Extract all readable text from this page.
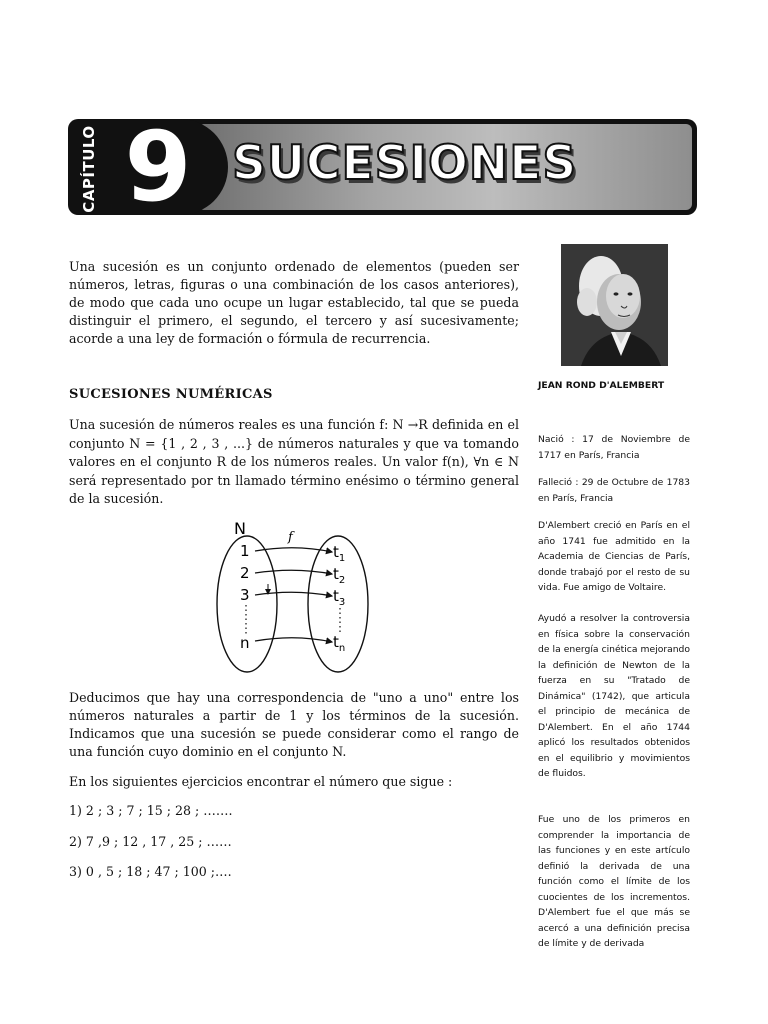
CAPÍTULO 9 SUCESIONES

Una sucesión es un conjunto ordenado de elementos (pueden ser números, letras, figuras o una combinación de los casos anteriores), de modo que cada uno ocupe un lugar establecido, tal que se pueda distinguir el primero, el segundo, el tercero y así sucesivamente; acorde a una ley de formación o fórmula de recurrencia.

SUCESIONES NUMÉRICAS

Una sucesión de números reales es una función f: N →R definida en el conjunto N = {1 , 2 , 3 , ...} de números naturales y que va tomando valores en el conjunto R de los números reales. Un valor f(n), ∀n ∈ N será representado por tn llamado término enésimo o término general de la sucesión.

N	f
1
2
3
n
$t_1$
$t_2$
$t_3$
$t_n$

Deducimos que hay una correspondencia de "uno a uno" entre los números naturales a partir de 1 y los términos de la sucesión. Indicamos que una sucesión se puede considerar como el rango de una función cuyo dominio en el conjunto N.

En los siguientes ejercicios encontrar el número que sigue :

1) 2 ; 3 ; 7 ; 15 ; 28 ; …….

2) 7 ,9 ; 12 , 17 , 25 ; ……

3) 0 , 5 ; 18 ; 47 ; 100 ;….

JEAN ROND D'ALEMBERT

Nació : 17 de Noviembre de 1717 en París, Francia

Falleció : 29 de Octubre de 1783 en París, Francia

D'Alembert creció en París en el año 1741 fue admitido en la Academia de Ciencias de París, donde trabajó por el resto de su vida. Fue amigo de Voltaire.

Ayudó a resolver la controversia en física sobre la conservación de la energía cinética mejorando la definición de Newton de la fuerza en su "Tratado de Dinámica" (1742), que articula el principio de mecánica de D'Alembert. En el año 1744 aplicó los resultados obtenidos en el equilibrio y movimientos de fluidos.

Fue uno de los primeros en comprender la importancia de las funciones y en este artículo definió la derivada de una función como el límite de los cuocientes de los incrementos. D'Alembert fue el que más se acercó a una definición precisa de límite y de derivada
